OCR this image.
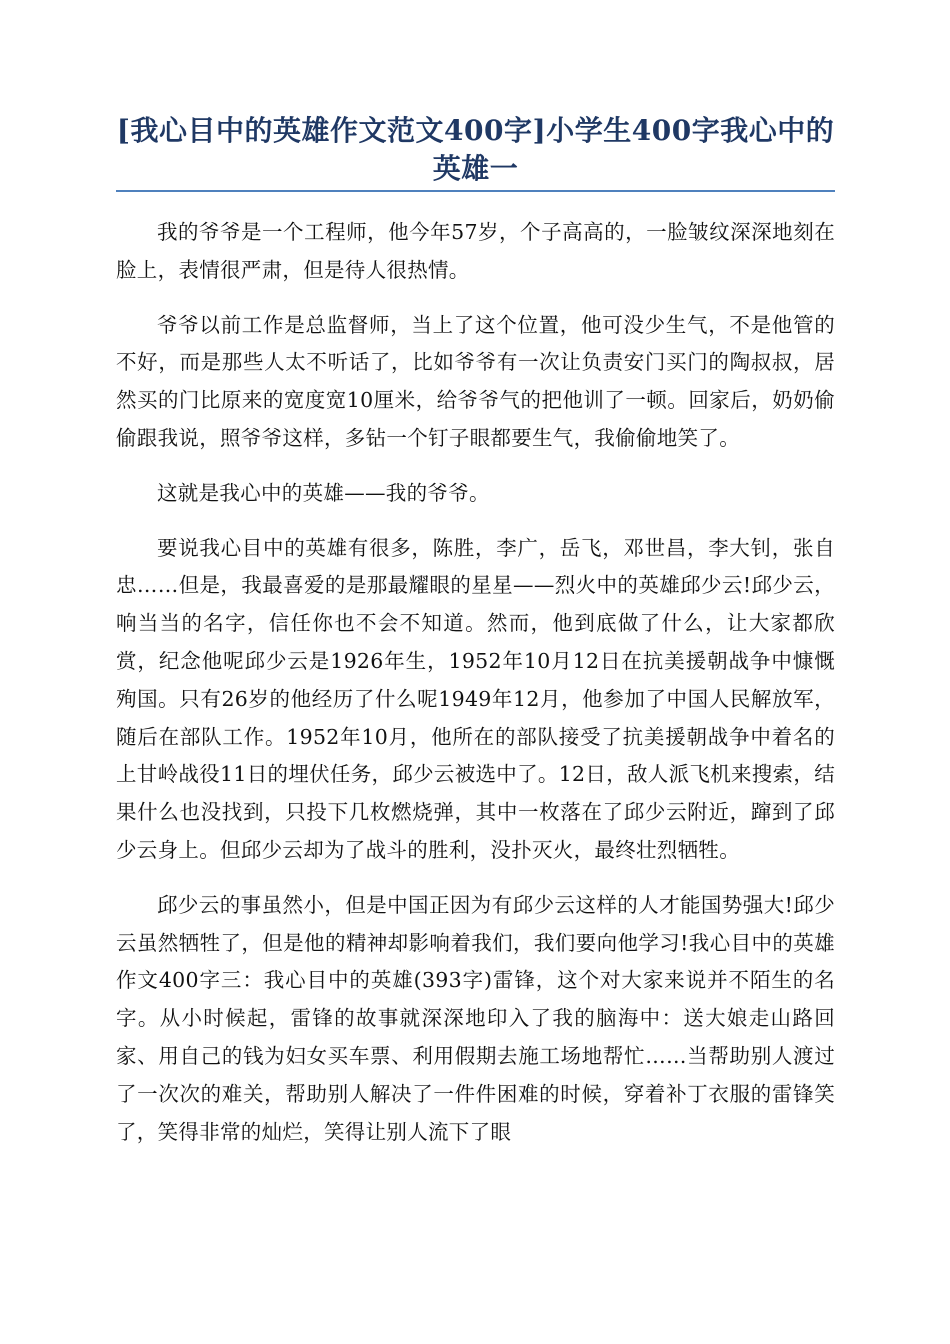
[我心目中的英雄作文范文400字]小学生400字我心中的英雄一

我的爷爷是一个工程师，他今年57岁，个子高高的，一脸皱纹深深地刻在脸上，表情很严肃，但是待人很热情。

爷爷以前工作是总监督师，当上了这个位置，他可没少生气，不是他管的不好，而是那些人太不听话了，比如爷爷有一次让负责安门买门的陶叔叔，居然买的门比原来的宽度宽10厘米，给爷爷气的把他训了一顿。回家后，奶奶偷偷跟我说，照爷爷这样，多钻一个钉子眼都要生气，我偷偷地笑了。

这就是我心中的英雄——我的爷爷。

要说我心目中的英雄有很多，陈胜，李广，岳飞，邓世昌，李大钊，张自忠……但是，我最喜爱的是那最耀眼的星星——烈火中的英雄邱少云!邱少云，响当当的名字，信任你也不会不知道。然而，他到底做了什么，让大家都欣赏，纪念他呢邱少云是1926年生，1952年10月12日在抗美援朝战争中慷慨殉国。只有26岁的他经历了什么呢1949年12月，他参加了中国人民解放军，随后在部队工作。1952年10月，他所在的部队接受了抗美援朝战争中着名的上甘岭战役11日的埋伏任务，邱少云被选中了。12日，敌人派飞机来搜索，结果什么也没找到，只投下几枚燃烧弹，其中一枚落在了邱少云附近，蹿到了邱少云身上。但邱少云却为了战斗的胜利，没扑灭火，最终壮烈牺牲。

邱少云的事虽然小，但是中国正因为有邱少云这样的人才能国势强大!邱少云虽然牺牲了，但是他的精神却影响着我们，我们要向他学习!我心目中的英雄作文400字三：我心目中的英雄(393字)雷锋，这个对大家来说并不陌生的名字。从小时候起，雷锋的故事就深深地印入了我的脑海中：送大娘走山路回家、用自己的钱为妇女买车票、利用假期去施工场地帮忙……当帮助别人渡过了一次次的难关，帮助别人解决了一件件困难的时候，穿着补丁衣服的雷锋笑了，笑得非常的灿烂，笑得让别人流下了眼
